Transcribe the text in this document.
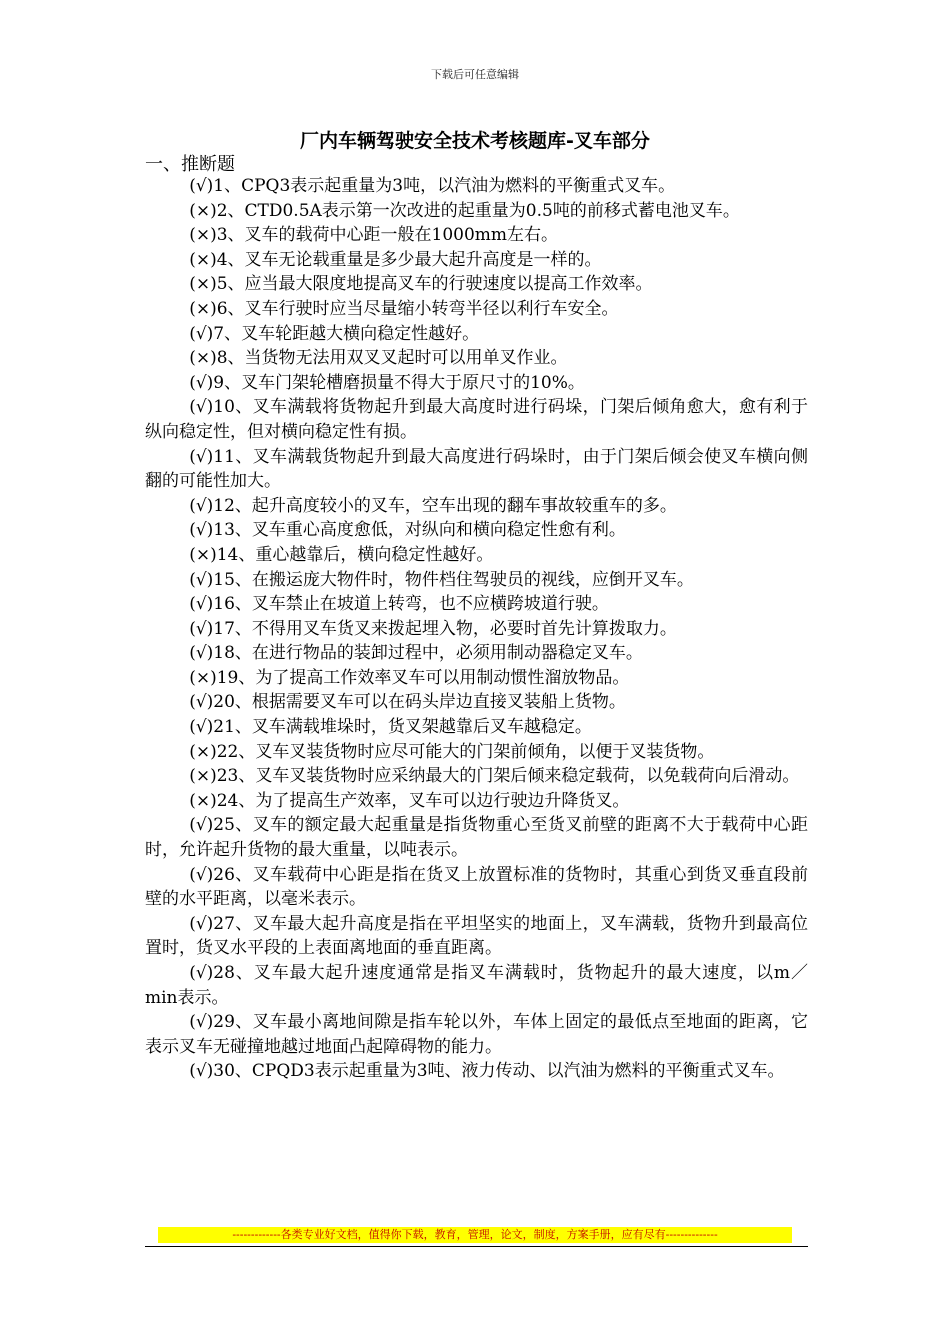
下载后可任意编辑
厂内车辆驾驶安全技术考核题库-叉车部分
一、推断题

(√)1、CPQ3表示起重量为3吨，以汽油为燃料的平衡重式叉车。

(×)2、CTD0.5A表示第一次改进的起重量为0.5吨的前移式蓄电池叉车。

(×)3、叉车的载荷中心距一般在1000mm左右。

(×)4、叉车无论载重量是多少最大起升高度是一样的。

(×)5、应当最大限度地提高叉车的行驶速度以提高工作效率。

(×)6、叉车行驶时应当尽量缩小转弯半径以利行车安全。

(√)7、叉车轮距越大横向稳定性越好。

(×)8、当货物无法用双叉叉起时可以用单叉作业。

(√)9、叉车门架轮槽磨损量不得大于原尺寸的10%。

(√)10、叉车满载将货物起升到最大高度时进行码垛，门架后倾角愈大，愈有利于纵向稳定性，但对横向稳定性有损。

(√)11、叉车满载货物起升到最大高度进行码垛时，由于门架后倾会使叉车横向侧翻的可能性加大。

(√)12、起升高度较小的叉车，空车出现的翻车事故较重车的多。

(√)13、叉车重心高度愈低，对纵向和横向稳定性愈有利。

(×)14、重心越靠后，横向稳定性越好。

(√)15、在搬运庞大物件时，物件档住驾驶员的视线，应倒开叉车。

(√)16、叉车禁止在坡道上转弯，也不应横跨坡道行驶。

(√)17、不得用叉车货叉来拨起埋入物，必要时首先计算拨取力。

(√)18、在进行物品的装卸过程中，必须用制动器稳定叉车。

(×)19、为了提高工作效率叉车可以用制动惯性溜放物品。

(√)20、根据需要叉车可以在码头岸边直接叉装船上货物。

(√)21、叉车满载堆垛时，货叉架越靠后叉车越稳定。

(×)22、叉车叉装货物时应尽可能大的门架前倾角，以便于叉装货物。

(×)23、叉车叉装货物时应采纳最大的门架后倾来稳定载荷，以免载荷向后滑动。

(×)24、为了提高生产效率，叉车可以边行驶边升降货叉。

(√)25、叉车的额定最大起重量是指货物重心至货叉前壁的距离不大于载荷中心距时，允许起升货物的最大重量，以吨表示。

(√)26、叉车载荷中心距是指在货叉上放置标准的货物时，其重心到货叉垂直段前壁的水平距离，以毫米表示。

(√)27、叉车最大起升高度是指在平坦坚实的地面上，叉车满载，货物升到最高位置时，货叉水平段的上表面离地面的垂直距离。

(√)28、叉车最大起升速度通常是指叉车满载时，货物起升的最大速度，以m／min表示。

(√)29、叉车最小离地间隙是指车轮以外，车体上固定的最低点至地面的距离，它表示叉车无碰撞地越过地面凸起障碍物的能力。

(√)30、CPQD3表示起重量为3吨、液力传动、以汽油为燃料的平衡重式叉车。

-------------各类专业好文档，值得你下载，教育，管理，论文，制度，方案手册，应有尽有--------------
